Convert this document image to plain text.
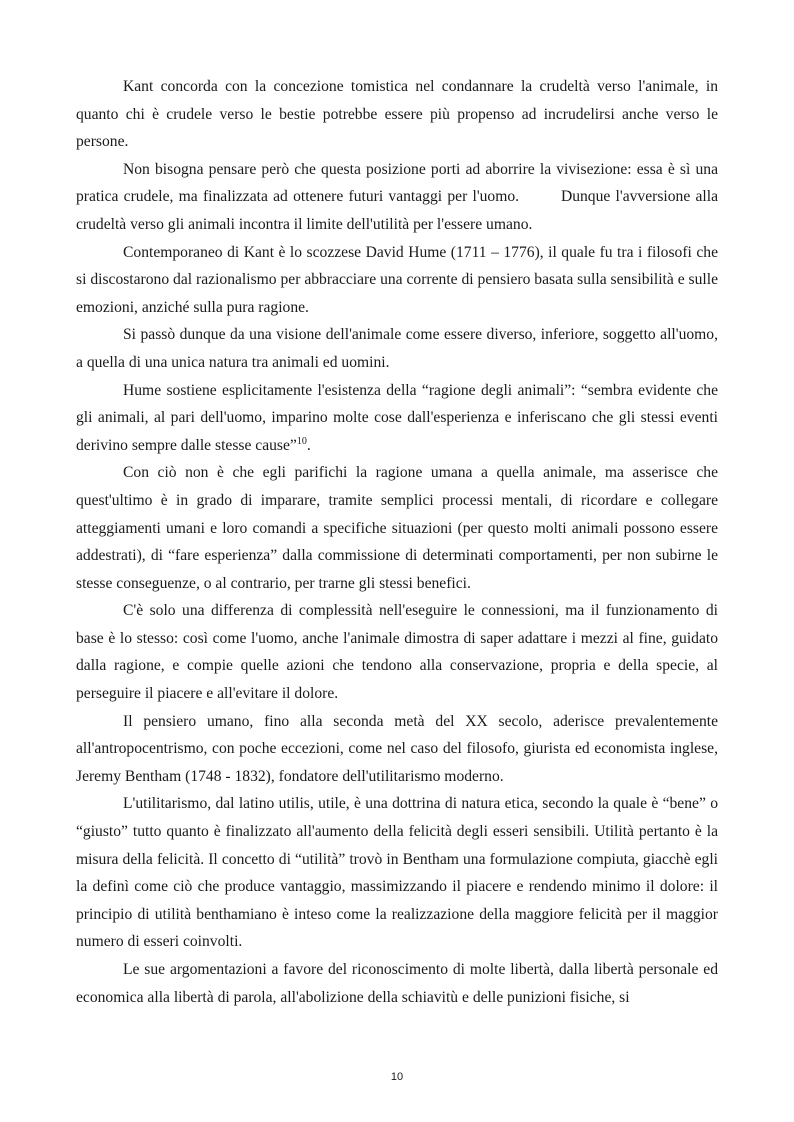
Kant concorda con la concezione tomistica nel condannare la crudeltà verso l'animale, in quanto chi è crudele verso le bestie potrebbe essere più propenso ad incrudelirsi anche verso le persone.

Non bisogna pensare però che questa posizione porti ad aborrire la vivisezione: essa è sì una pratica crudele, ma finalizzata ad ottenere futuri vantaggi per l'uomo.        Dunque l'avversione alla crudeltà verso gli animali incontra il limite dell'utilità per l'essere umano.

Contemporaneo di Kant è lo scozzese David Hume (1711 – 1776), il quale fu tra i filosofi che si discostarono dal razionalismo per abbracciare una corrente di pensiero basata sulla sensibilità e sulle emozioni, anziché sulla pura ragione.

Si passò dunque da una visione dell'animale come essere diverso, inferiore, soggetto all'uomo, a quella di una unica natura tra animali ed uomini.

Hume sostiene esplicitamente l'esistenza della “ragione degli animali”: “sembra evidente che gli animali, al pari dell'uomo, imparino molte cose dall'esperienza e inferiscano che gli stessi eventi derivino sempre dalle stesse cause”$^{10}$.

Con ciò non è che egli parifichi la ragione umana a quella animale, ma asserisce che quest'ultimo è in grado di imparare, tramite semplici processi mentali, di ricordare e collegare atteggiamenti umani e loro comandi a specifiche situazioni (per questo molti animali possono essere addestrati), di “fare esperienza” dalla commissione di determinati comportamenti, per non subirne le stesse conseguenze, o al contrario, per trarne gli stessi benefici.

C'è solo una differenza di complessità nell'eseguire le connessioni, ma il funzionamento di base è lo stesso: così come l'uomo, anche l'animale dimostra di saper adattare i mezzi al fine, guidato dalla ragione, e compie quelle azioni che tendono alla conservazione, propria e della specie, al perseguire il piacere e all'evitare il dolore.

Il pensiero umano, fino alla seconda metà del XX secolo, aderisce prevalentemente all'antropocentrismo, con poche eccezioni, come nel caso del filosofo, giurista ed economista inglese, Jeremy Bentham (1748 - 1832), fondatore dell'utilitarismo moderno.

L'utilitarismo, dal latino utilis, utile, è una dottrina di natura etica, secondo la quale è “bene” o “giusto” tutto quanto è finalizzato all'aumento della felicità degli esseri sensibili. Utilità pertanto è la misura della felicità. Il concetto di “utilità” trovò in Bentham una formulazione compiuta, giacchè egli la definì come ciò che produce vantaggio, massimizzando il piacere e rendendo minimo il dolore: il principio di utilità benthamiano è inteso come la realizzazione della maggiore felicità per il maggior numero di esseri coinvolti.

Le sue argomentazioni a favore del riconoscimento di molte libertà, dalla libertà personale ed economica alla libertà di parola, all'abolizione della schiavitù e delle punizioni fisiche, si

10
